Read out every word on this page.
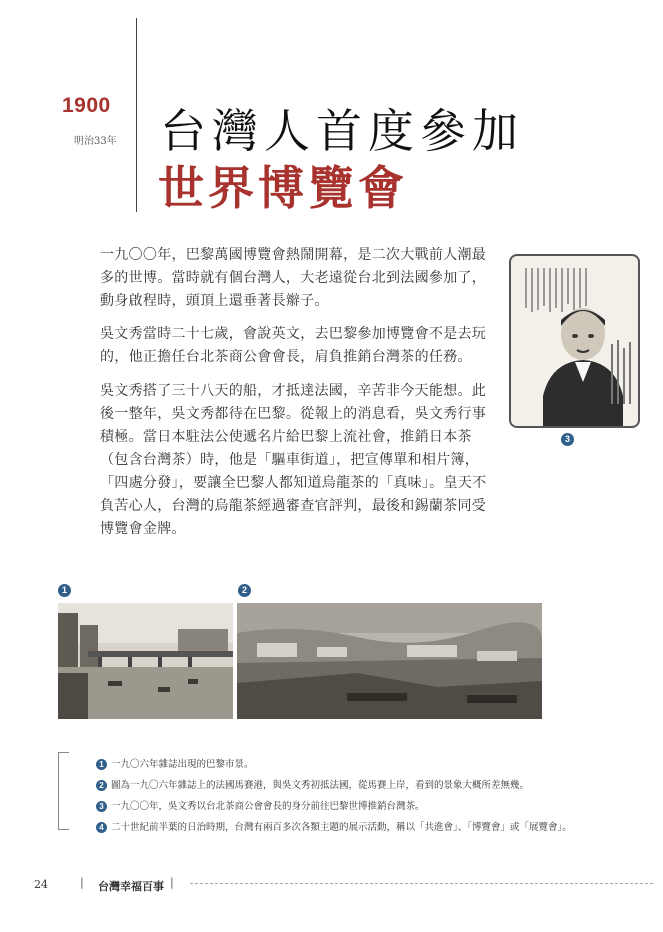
1900
明治33年 台灣人首度參加
世界博覽會
一九〇〇年，巴黎萬國博覽會熱鬧開幕，是二次大戰前人潮最多的世博。當時就有個台灣人，大老遠從台北到法國參加了，動身啟程時，頭頂上還垂著長辮子。
吳文秀當時二十七歲，會說英文，去巴黎參加博覽會不是去玩的，他正擔任台北茶商公會會長，肩負推銷台灣茶的任務。
吳文秀搭了三十八天的船，才抵達法國，辛苦非今天能想。此後一整年，吳文秀都待在巴黎。從報上的消息看，吳文秀行事積極。當日本駐法公使遞名片給巴黎上流社會，推銷日本茶（包含台灣茶）時，他是「驅車街道」，把宣傳單和相片簿，「四處分發」，要讓全巴黎人都知道烏龍茶的「真味」。皇天不負苦心人，台灣的烏龍茶經過審查官評判，最後和錫蘭茶同受博覽會金牌。
3
1	2
1 一九〇六年雜誌出現的巴黎市景。
2 圖為一九〇六年雜誌上的法國馬賽港，與吳文秀初抵法國，從馬賽上岸，看到的景象大概所差無幾。
3 一九〇〇年，吳文秀以台北茶商公會會長的身分前往巴黎世博推銷台灣茶。
4 二十世紀前半葉的日治時期，台灣有兩百多次各類主題的展示活動，稱以「共進會」、「博覽會」或「展覽會」。
24	| 台灣幸福百事 |
